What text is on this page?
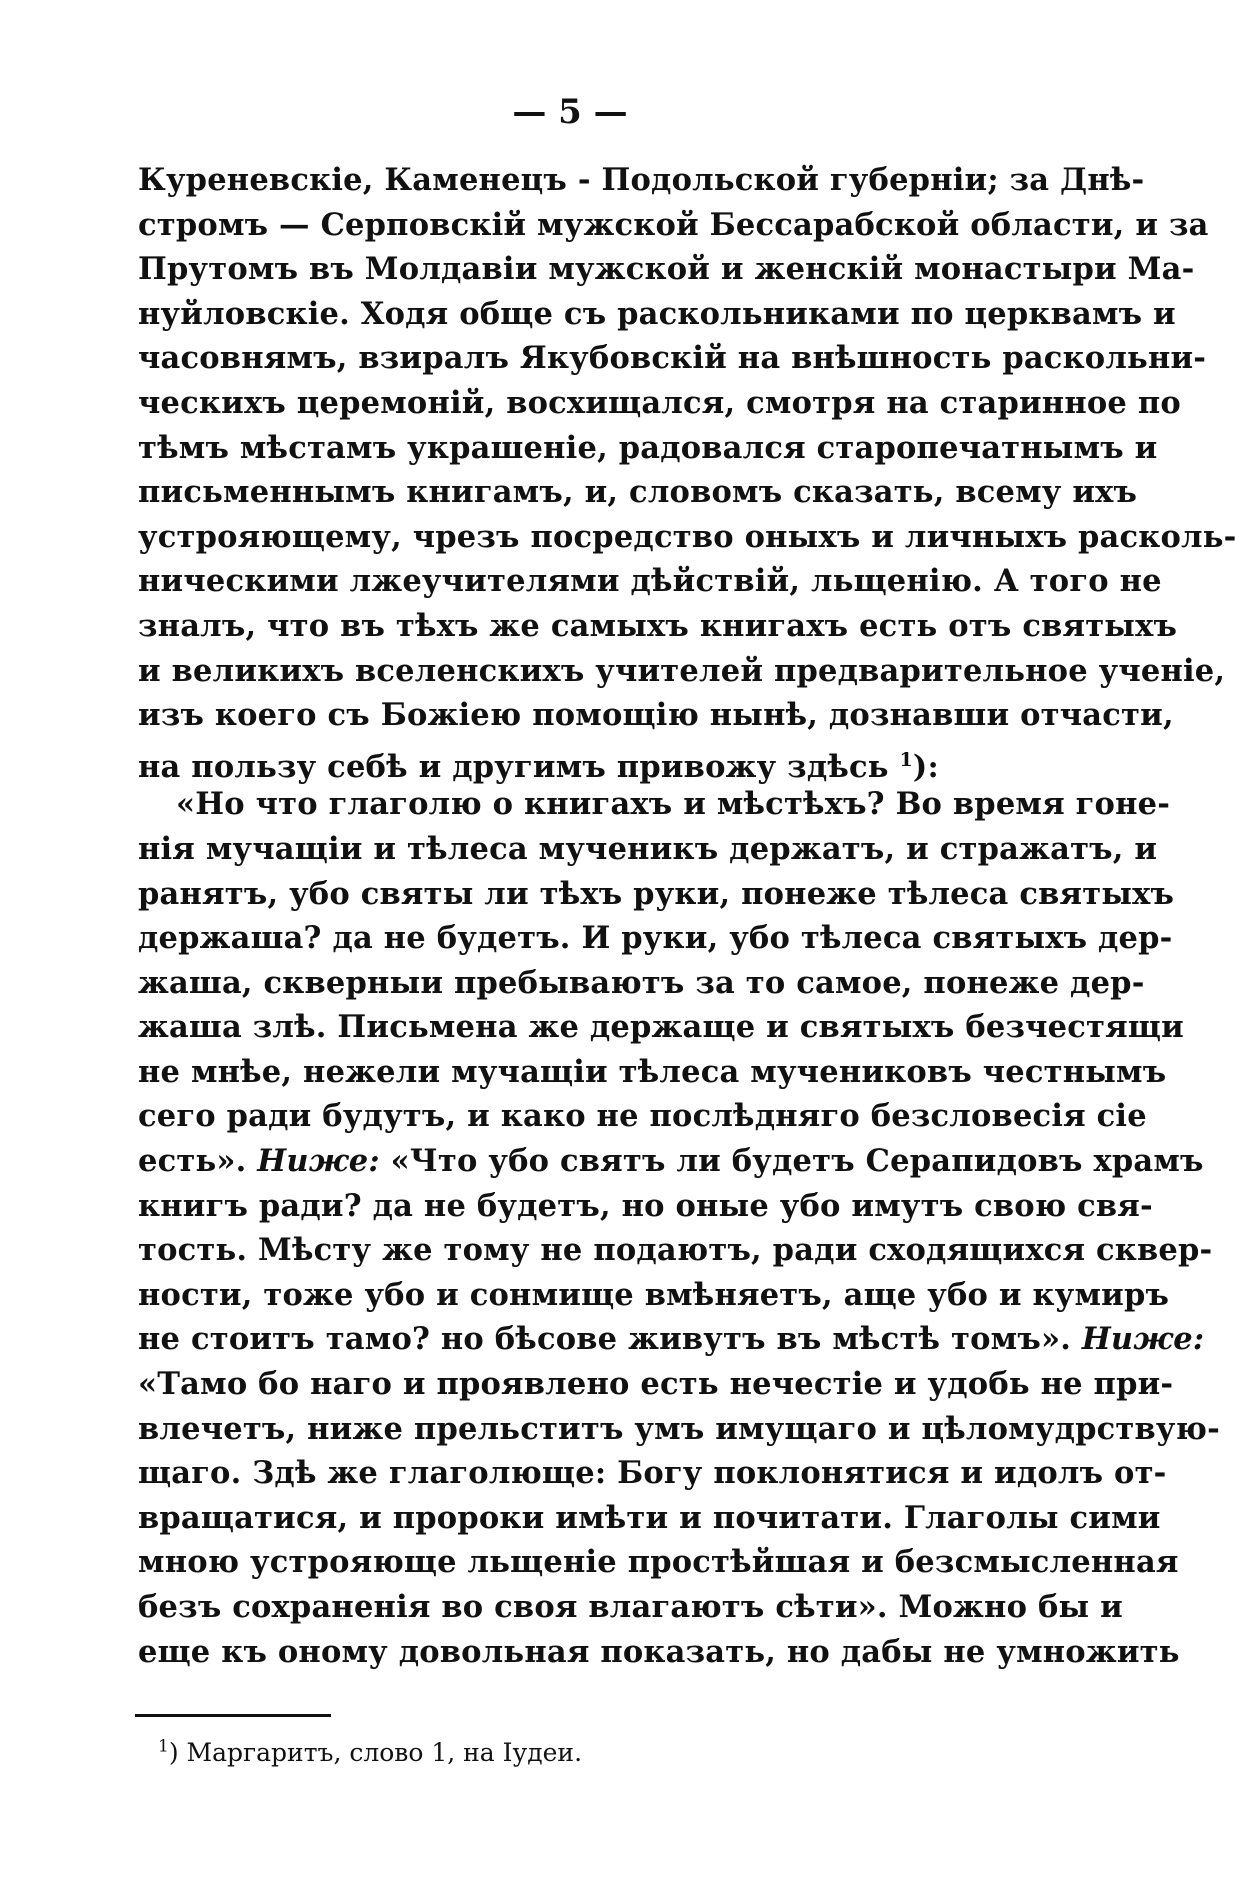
— 5 —
Куреневскіе, Каменецъ - Подольской губерніи; за Днѣ-
стромъ — Серповскій мужской Бессарабской области, и за
Прутомъ въ Молдавіи мужской и женскій монастыри Ма-
нуйловскіе. Ходя обще съ раскольниками по церквамъ и
часовнямъ, взиралъ Якубовскій на внѣшность раскольни-
ческихъ церемоній, восхищался, смотря на старинное по
тѣмъ мѣстамъ украшеніе, радовался старопечатнымъ и
письменнымъ книгамъ, и, словомъ сказать, всему ихъ
устрояющему, чрезъ посредство оныхъ и личныхъ расколь-
ническими лжеучителями дѣйствій, льщенію. А того не
зналъ, что въ тѣхъ же самыхъ книгахъ есть отъ святыхъ
и великихъ вселенскихъ учителей предварительное ученіе,
изъ коего съ Божіею помощію нынѣ, дознавши отчасти,
на пользу себѣ и другимъ привожу здѣсь $^1$):
«Но что глаголю о книгахъ и мѣстѣхъ? Во время гоне-
нія мучащіи и тѣлеса мученикъ держатъ, и стражатъ, и
ранятъ, убо святы ли тѣхъ руки, понеже тѣлеса святыхъ
держаша? да не будетъ. И руки, убо тѣлеса святыхъ дер-
жаша, скверныи пребываютъ за то самое, понеже дер-
жаша злѣ. Письмена же держаще и святыхъ безчестящи
не мнѣе, нежели мучащіи тѣлеса мучениковъ честнымъ
сего ради будутъ, и како не послѣдняго безсловесія сіе
есть». Нижe: «Что убо святъ ли будетъ Серапидовъ храмъ
книгъ ради? да не будетъ, но оные убо имутъ свою свя-
тость. Мѣсту же тому не подаютъ, ради сходящихся сквер-
ности, тоже убо и сонмище вмѣняетъ, аще убо и кумиръ
не стоитъ тамо? но бѣсове живутъ въ мѣстѣ томъ». Нижe:
«Тамо бо наго и проявлено есть нечестіе и удобь не при-
влечетъ, ниже прельститъ умъ имущаго и цѣломудрствую-
щаго. Здѣ же глаголюще: Богу поклонятися и идолъ от-
вращатися, и пророки имѣти и почитати. Глаголы сими
мною устрояюще льщеніе простѣйшая и безсмысленная
безъ сохраненія во своя влагаютъ сѣти». Можно бы и
еще къ оному довольная показать, но дабы не умножить
$^1$) Маргаритъ, слово 1, на Іудеи.
